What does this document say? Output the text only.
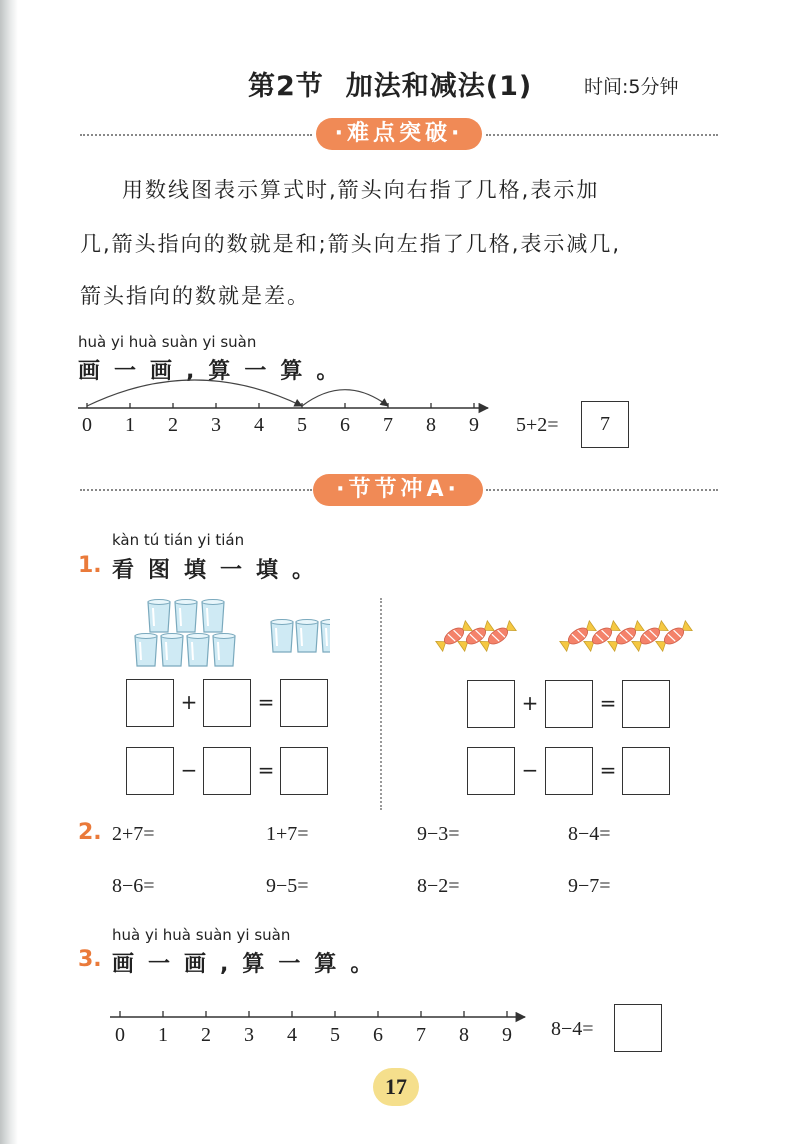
第2节 加法和减法(1)	时间:5分钟
·难点突破·
用数线图表示算式时,箭头向右指了几格,表示加
几,箭头指向的数就是和;箭头向左指了几格,表示减几,
箭头指向的数就是差。
huà yi huà suàn yi suàn
画一画,算一算。
0 1 2 3 4 5 6 7 8 9 5+2=	7
·节节冲A·
kàn tú tián yi tián
1. 看图填一填。
+	=
−	=
+	=
−	=
2. 2+7=	1+7=	9−3=	8−4=
8−6=	9−5=	8−2=	9−7=
huà yi huà suàn yi suàn
3. 画一画,算一算。
0 1 2 3 4 5 6 7 8 9 8−4=
17
